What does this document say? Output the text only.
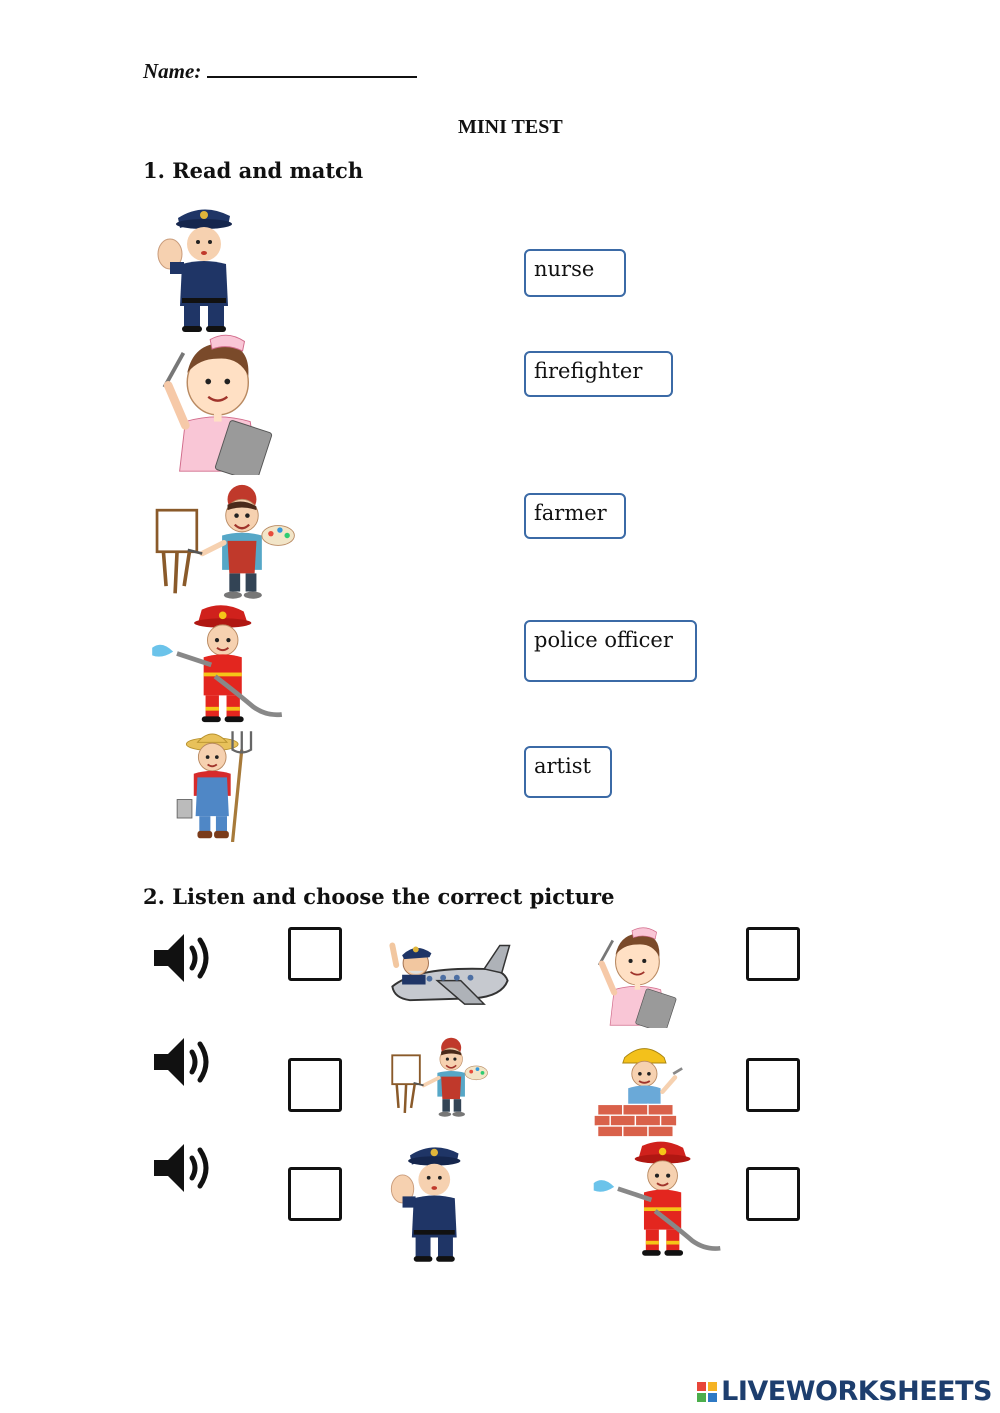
Name:
MINI TEST
1. Read and match
nurse
firefighter
farmer
police officer
artist
2. Listen and choose the correct picture
LIVEWORKSHEETS
